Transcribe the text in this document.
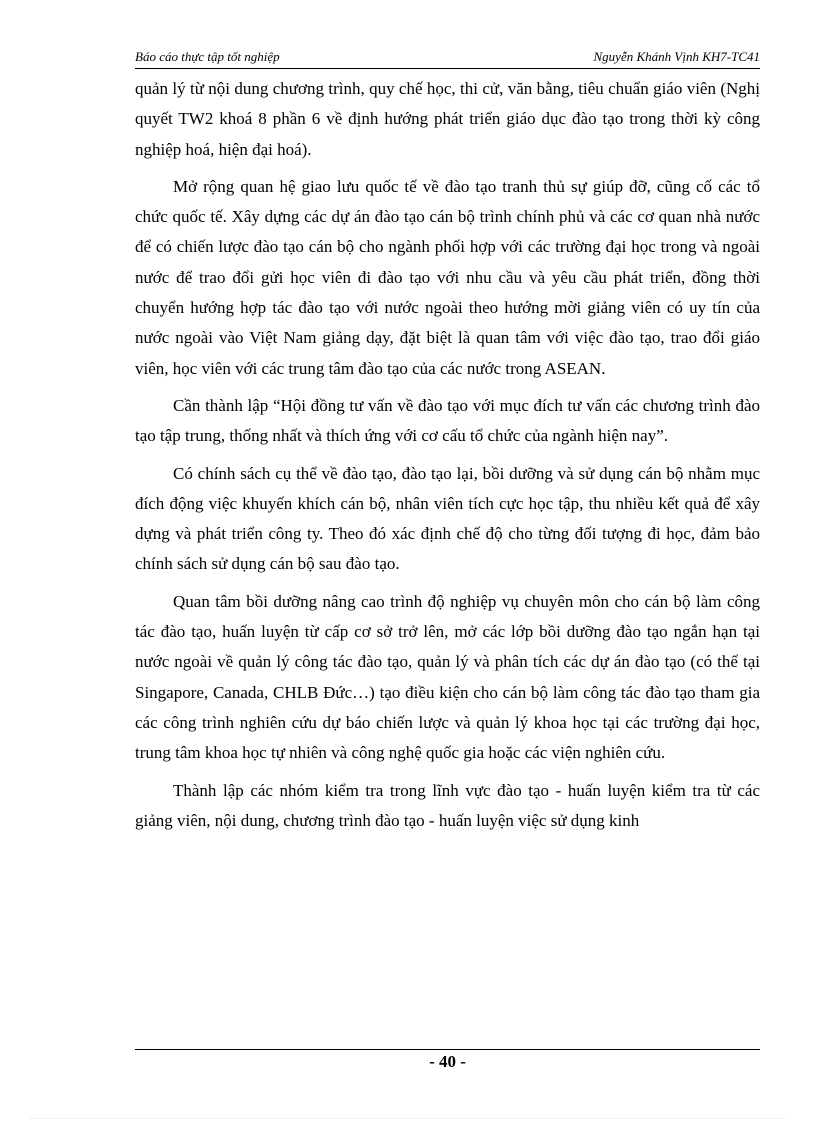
Báo cáo thực tập tốt nghiệp	Nguyễn Khánh Vịnh KH7-TC41

quản lý từ nội dung chương trình, quy chế học, thi cử, văn bằng, tiêu chuẩn giáo viên (Nghị quyết TW2 khoá 8 phần 6 về định hướng phát triển giáo dục đào tạo trong thời kỳ công nghiệp hoá, hiện đại hoá).

Mở rộng quan hệ giao lưu quốc tế về đào tạo tranh thủ sự giúp đỡ, cũng cố các tổ chức quốc tế. Xây dựng các dự án đào tạo cán bộ trình chính phủ và các cơ quan nhà nước để có chiến lược đào tạo cán bộ cho ngành phối hợp với các trường đại học trong và ngoài nước để trao đổi gửi học viên đi đào tạo với nhu cầu và yêu cầu phát triển, đồng thời chuyển hướng hợp tác đào tạo với nước ngoài theo hướng mời giảng viên có uy tín của nước ngoài vào Việt Nam giảng dạy, đặt biệt là quan tâm với việc đào tạo, trao đổi giáo viên, học viên với các trung tâm đào tạo của các nước trong ASEAN.

Cần thành lập “Hội đồng tư vấn về đào tạo với mục đích tư vấn các chương trình đào tạo tập trung, thống nhất và thích ứng với cơ cấu tổ chức của ngành hiện nay”.

Có chính sách cụ thể về đào tạo, đào tạo lại, bồi dưỡng và sử dụng cán bộ nhằm mục đích động việc khuyến khích cán bộ, nhân viên tích cực học tập, thu nhiều kết quả để xây dựng và phát triển công ty. Theo đó xác định chế độ cho từng đối tượng đi học, đảm bảo chính sách sử dụng cán bộ sau đào tạo.

Quan tâm bồi dưỡng nâng cao trình độ nghiệp vụ chuyên môn cho cán bộ làm công tác đào tạo, huấn luyện từ cấp cơ sở trở lên, mở các lớp bồi dưỡng đào tạo ngắn hạn tại nước ngoài về quản lý công tác đào tạo, quản lý và phân tích các dự án đào tạo (có thể tại Singapore, Canada, CHLB Đức…) tạo điều kiện cho cán bộ làm công tác đào tạo tham gia các công trình nghiên cứu dự báo chiến lược và quản lý khoa học tại các trường đại học, trung tâm khoa học tự nhiên và công nghệ quốc gia hoặc các viện nghiên cứu.

Thành lập các nhóm kiểm tra trong lĩnh vực đào tạo - huấn luyện kiểm tra từ các giảng viên, nội dung, chương trình đào tạo - huấn luyện việc sử dụng kinh

- 40 -
